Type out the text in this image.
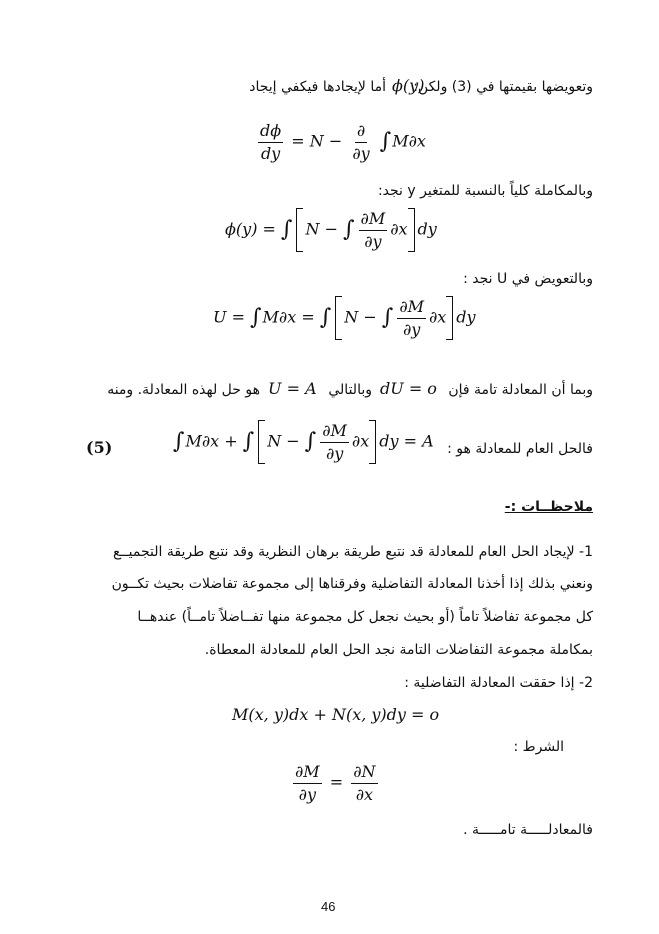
وتعويضها بقيمتها في (3) ولكن:
ϕ(y)
أما لإيجادها فيكفي إيجاد
$\frac{d\phi}{dy} = N - \frac{\partial}{\partial y} \int M\partial x$
وبالمكاملة كلياً بالنسبة للمتغير y نجد:
ϕ(y) = ∫ N − ∫ $\frac{\partial M}{\partial y} \partial x$ dy
وبالتعويض في U نجد :
U = ∫M∂x = ∫ N − ∫ $\frac{\partial M}{\partial y} \partial x$ dy
وبما أن المعادلة تامة فإن
dU = o
وبالتالي
U = A
هو حل لهذه المعادلة. ومنه
فالحل العام للمعادلة هو :
∫M∂x + ∫ N − ∫ $\frac{\partial M}{\partial y} \partial x$ dy = A
(5)
ملاحظــات :-
1- لإيجاد الحل العام للمعادلة قد نتبع طريقة برهان النظرية وقد نتبع طريقة التجميــع
ونعني بذلك إذا أخذنا المعادلة التفاضلية وفرقناها إلى مجموعة تفاضلات بحيث تكــون
كل مجموعة تفاضلاً تاماً (أو بحيث نجعل كل مجموعة منها تفــاضلاً تامــاً) عندهــا
بمكاملة مجموعة التفاضلات التامة نجد الحل العام للمعادلة المعطاة.
2- إذا حققت المعادلة التفاضلية :
M(x, y)dx + N(x, y)dy = o
الشرط :
$\frac{\partial M}{\partial y} = \frac{\partial N}{\partial x}$
فالمعادلـــــة تامـــــة .
46
